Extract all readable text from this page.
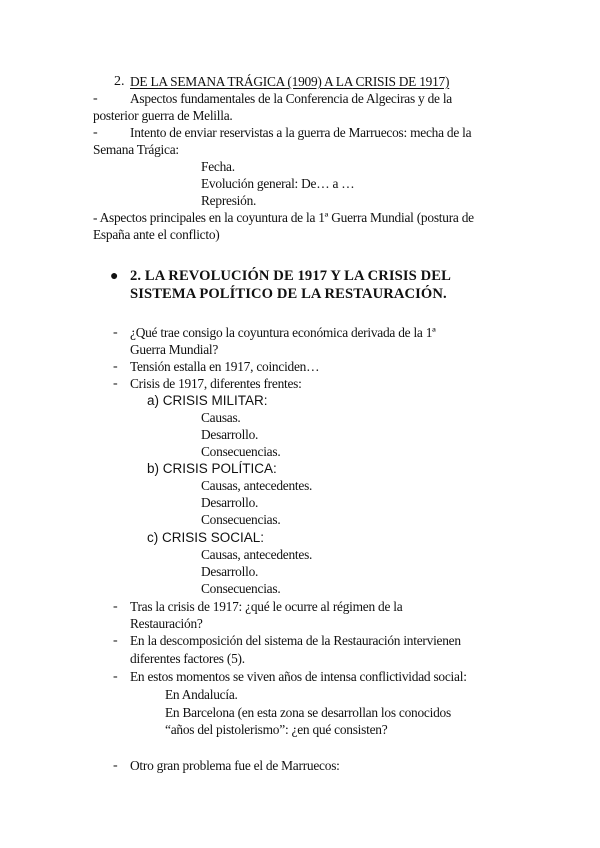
2. DE LA SEMANA TRÁGICA (1909) A LA CRISIS DE 1917)
- Aspectos fundamentales de la Conferencia de Algeciras y de la
posterior guerra de Melilla.
- Intento de enviar reservistas a la guerra de Marruecos: mecha de la
Semana Trágica:
Fecha.
Evolución general: De… a …
Represión.
- Aspectos principales en la coyuntura de la 1ª Guerra Mundial (postura de
España ante el conflicto)
● 2. LA REVOLUCIÓN DE 1917 Y LA CRISIS DEL
SISTEMA POLÍTICO DE LA RESTAURACIÓN.
- ¿Qué trae consigo la coyuntura económica derivada de la 1ª
Guerra Mundial?
- Tensión estalla en 1917, coinciden…
- Crisis de 1917, diferentes frentes:
a) CRISIS MILITAR:
Causas.
Desarrollo.
Consecuencias.
b) CRISIS POLÍTICA:
Causas, antecedentes.
Desarrollo.
Consecuencias.
c) CRISIS SOCIAL:
Causas, antecedentes.
Desarrollo.
Consecuencias.
- Tras la crisis de 1917: ¿qué le ocurre al régimen de la
Restauración?
- En la descomposición del sistema de la Restauración intervienen
diferentes factores (5).
- En estos momentos se viven años de intensa conflictividad social:
En Andalucía.
En Barcelona (en esta zona se desarrollan los conocidos
“años del pistolerismo”: ¿en qué consisten?
- Otro gran problema fue el de Marruecos:
